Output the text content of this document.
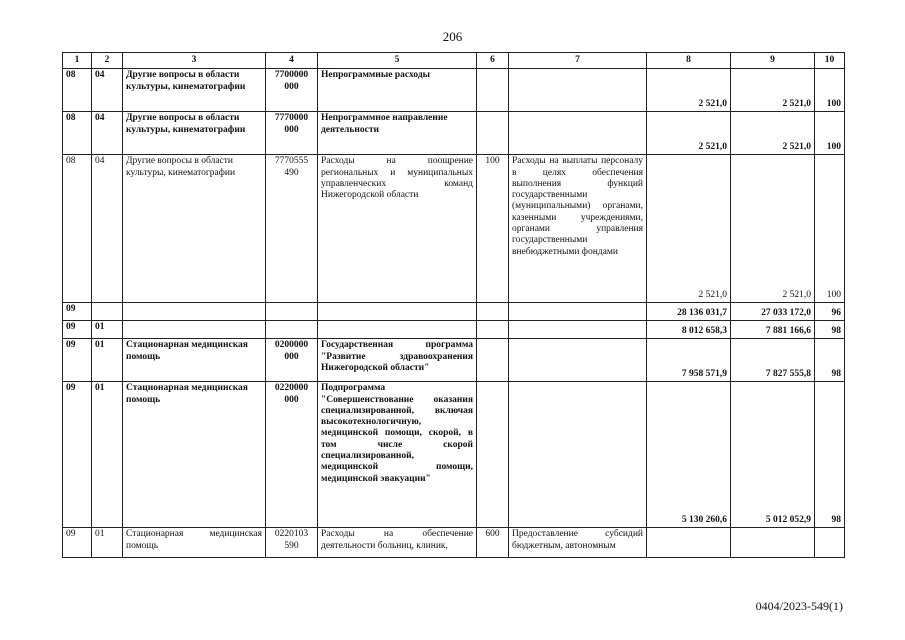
206
1	2	3	4	5	6	7	8	9	10
08	04	Другие вопросы в области культуры, кинематографии	7700000 000	Непрограммные расходы			2 521,0	2 521,0	100
08	04	Другие вопросы в области культуры, кинематографии	7770000 000	Непрограммное направление деятельности			2 521,0	2 521,0	100
08	04	Другие вопросы в области культуры, кинематографии	7770555 490	Расходы на поощрение региональных и муниципальных управленческих команд Нижегородской области	100	Расходы на выплаты персоналу в целях обеспечения выполнения функций государственными (муниципальными) органами, казенными учреждениями, органами управления государственными внебюджетными фондами	2 521,0	2 521,0	100
09							28 136 031,7	27 033 172,0	96
09	01						8 012 658,3	7 881 166,6	98
09	01	Стационарная медицинская помощь	0200000 000	Государственная программа "Развитие здравоохранения Нижегородской области"			7 958 571,9	7 827 555,8	98
09	01	Стационарная медицинская помощь	0220000 000	Подпрограмма "Совершенствование оказания специализированной, включая высокотехнологичную, медицинской помощи, скорой, в том числе скорой специализированной, медицинской помощи, медицинской эвакуации"			5 130 260,6	5 012 052,9	98
09	01	Стационарная медицинская помощь	0220103 590	Расходы на обеспечение деятельности больниц, клиник,	600	Предоставление субсидий бюджетным, автономным			
0404/2023-549(1)
